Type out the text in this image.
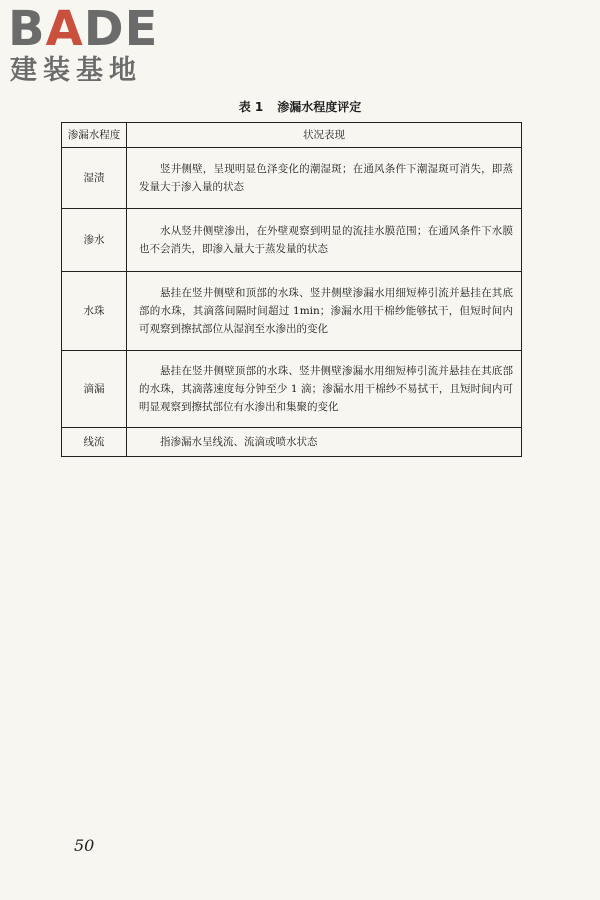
BADE
建装基地
表 1 渗漏水程度评定
渗漏水程度	状况表现
湿渍	竖井侧壁，呈现明显色泽变化的潮湿斑；在通风条件下潮湿斑可消失，即蒸发量大于渗入量的状态
渗水	水从竖井侧壁渗出，在外壁观察到明显的流挂水膜范围；在通风条件下水膜也不会消失，即渗入量大于蒸发量的状态
水珠	悬挂在竖井侧壁和顶部的水珠、竖井侧壁渗漏水用细短棒引流并悬挂在其底部的水珠，其滴落间隔时间超过 1min；渗漏水用干棉纱能够拭干，但短时间内可观察到擦拭部位从湿润至水渗出的变化
滴漏	悬挂在竖井侧壁顶部的水珠、竖井侧壁渗漏水用细短棒引流并悬挂在其底部的水珠，其滴落速度每分钟至少 1 滴；渗漏水用干棉纱不易拭干，且短时间内可明显观察到擦拭部位有水渗出和集聚的变化
线流	指渗漏水呈线流、流滴或喷水状态
50
